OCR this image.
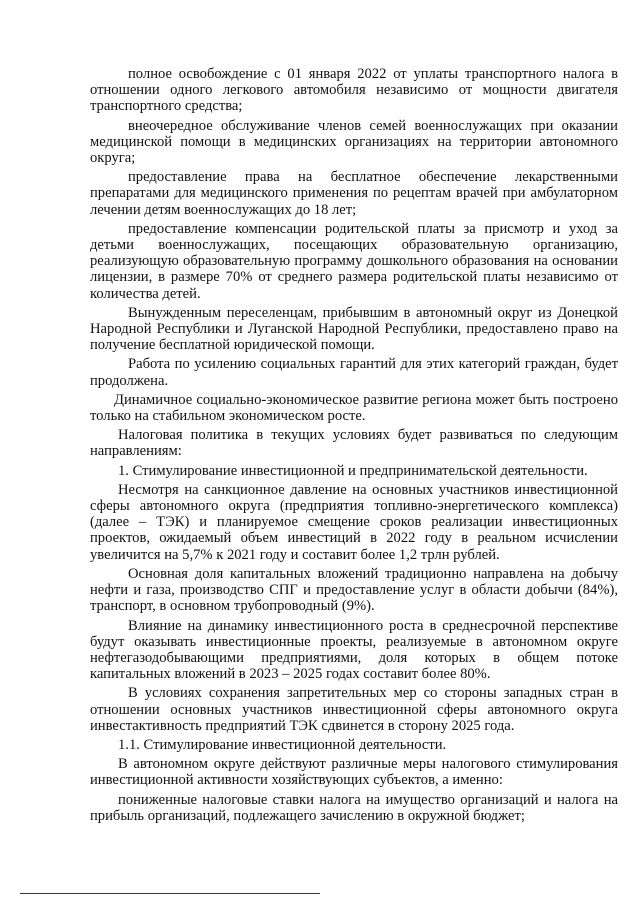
полное освобождение с 01 января 2022 от уплаты транспортного налога в отношении одного легкового автомобиля независимо от мощности двигателя транспортного средства;

внеочередное обслуживание членов семей военнослужащих при оказании медицинской помощи в медицинских организациях на территории автономного округа;

предоставление права на бесплатное обеспечение лекарственными препаратами для медицинского применения по рецептам врачей при амбулаторном лечении детям военнослужащих до 18 лет;

предоставление компенсации родительской платы за присмотр и уход за детьми военнослужащих, посещающих образовательную организацию, реализующую образовательную программу дошкольного образования на основании лицензии, в размере 70% от среднего размера родительской платы независимо от количества детей.

Вынужденным переселенцам, прибывшим в автономный округ из Донецкой Народной Республики и Луганской Народной Республики, предоставлено право на получение бесплатной юридической помощи.

Работа по усилению социальных гарантий для этих категорий граждан, будет продолжена.

Динамичное социально-экономическое развитие региона может быть построено только на стабильном экономическом росте.

Налоговая политика в текущих условиях будет развиваться по следующим направлениям:

1. Стимулирование инвестиционной и предпринимательской деятельности.

Несмотря на санкционное давление на основных участников инвестиционной сферы автономного округа (предприятия топливно-энергетического комплекса) (далее – ТЭК) и планируемое смещение сроков реализации инвестиционных проектов, ожидаемый объем инвестиций в 2022 году в реальном исчислении увеличится на 5,7% к 2021 году и составит более 1,2 трлн рублей.

Основная доля капитальных вложений традиционно направлена на добычу нефти и газа, производство СПГ и предоставление услуг в области добычи (84%), транспорт, в основном трубопроводный (9%).

Влияние на динамику инвестиционного роста в среднесрочной перспективе будут оказывать инвестиционные проекты, реализуемые в автономном округе нефтегазодобывающими предприятиями, доля которых в общем потоке капитальных вложений в 2023 – 2025 годах составит более 80%.

В условиях сохранения запретительных мер со стороны западных стран в отношении основных участников инвестиционной сферы автономного округа инвестактивность предприятий ТЭК сдвинется в сторону 2025 года.

1.1. Стимулирование инвестиционной деятельности.

В автономном округе действуют различные меры налогового стимулирования инвестиционной активности хозяйствующих субъектов, а именно:

пониженные налоговые ставки налога на имущество организаций и налога на прибыль организаций, подлежащего зачислению в окружной бюджет;
